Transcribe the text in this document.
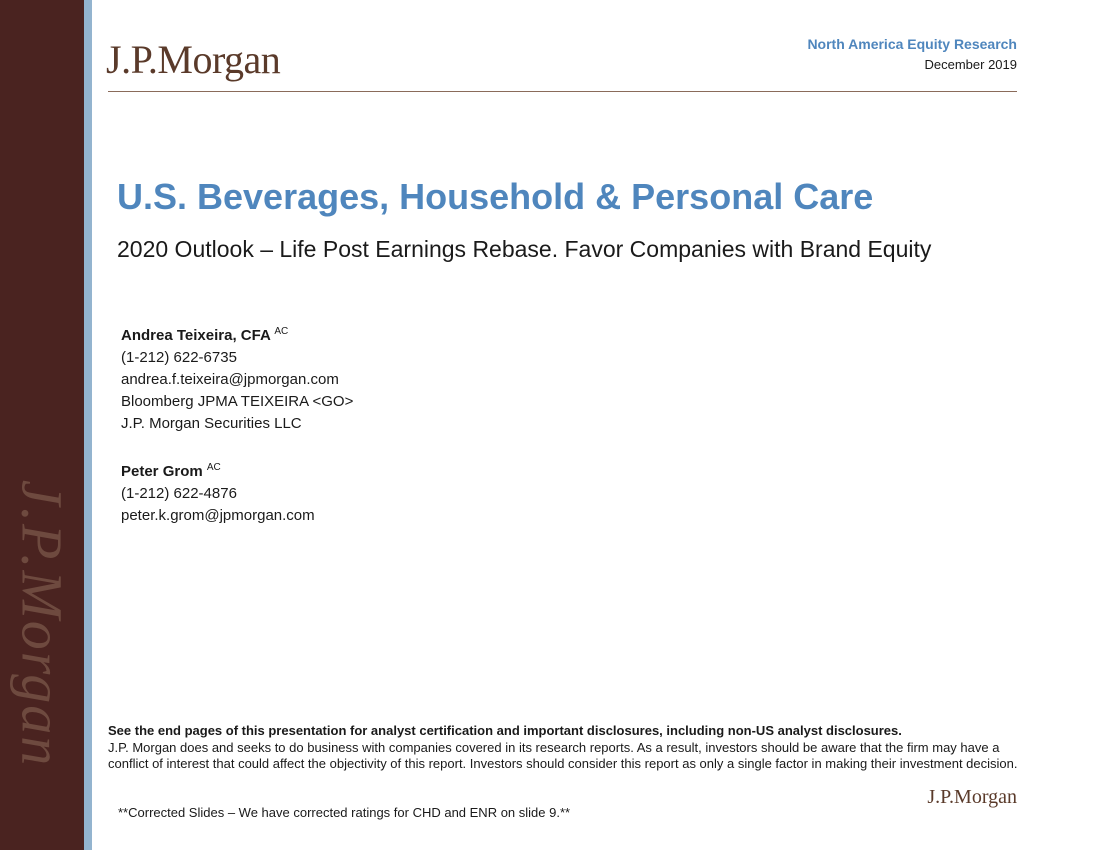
J.P.Morgan
J.P.Morgan	North America Equity Research
December 2019
U.S. Beverages, Household & Personal Care
2020 Outlook – Life Post Earnings Rebase. Favor Companies with Brand Equity
Andrea Teixeira, CFA $^{AC}$
(1-212) 622-6735
andrea.f.teixeira@jpmorgan.com
Bloomberg JPMA TEIXEIRA <GO>
J.P. Morgan Securities LLC
Peter Grom $^{AC}$
(1-212) 622-4876
peter.k.grom@jpmorgan.com
See the end pages of this presentation for analyst certification and important disclosures, including non-US analyst disclosures.
J.P. Morgan does and seeks to do business with companies covered in its research reports. As a result, investors should be aware that the firm may have a conflict of interest that could affect the objectivity of this report. Investors should consider this report as only a single factor in making their investment decision.
J.P.Morgan
**Corrected Slides – We have corrected ratings for CHD and ENR on slide 9.**
